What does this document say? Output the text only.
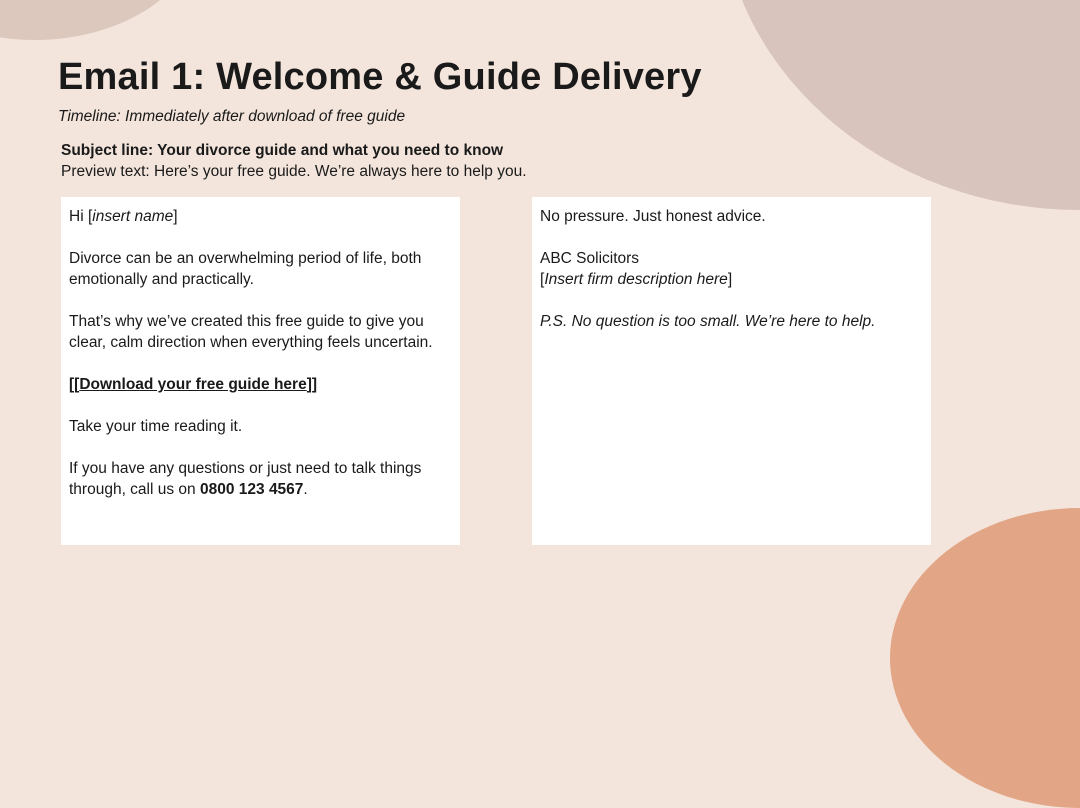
Email 1: Welcome & Guide Delivery
Timeline: Immediately after download of free guide
Subject line: Your divorce guide and what you need to know
Preview text: Here’s your free guide. We’re always here to help you.

Hi [insert name]

Divorce can be an overwhelming period of life, both emotionally and practically.

That’s why we’ve created this free guide to give you clear, calm direction when everything feels uncertain.

[[Download your free guide here]]

Take your time reading it.

If you have any questions or just need to talk things through, call us on 0800 123 4567.

No pressure. Just honest advice.

ABC Solicitors
[Insert firm description here]

P.S. No question is too small. We’re here to help.
